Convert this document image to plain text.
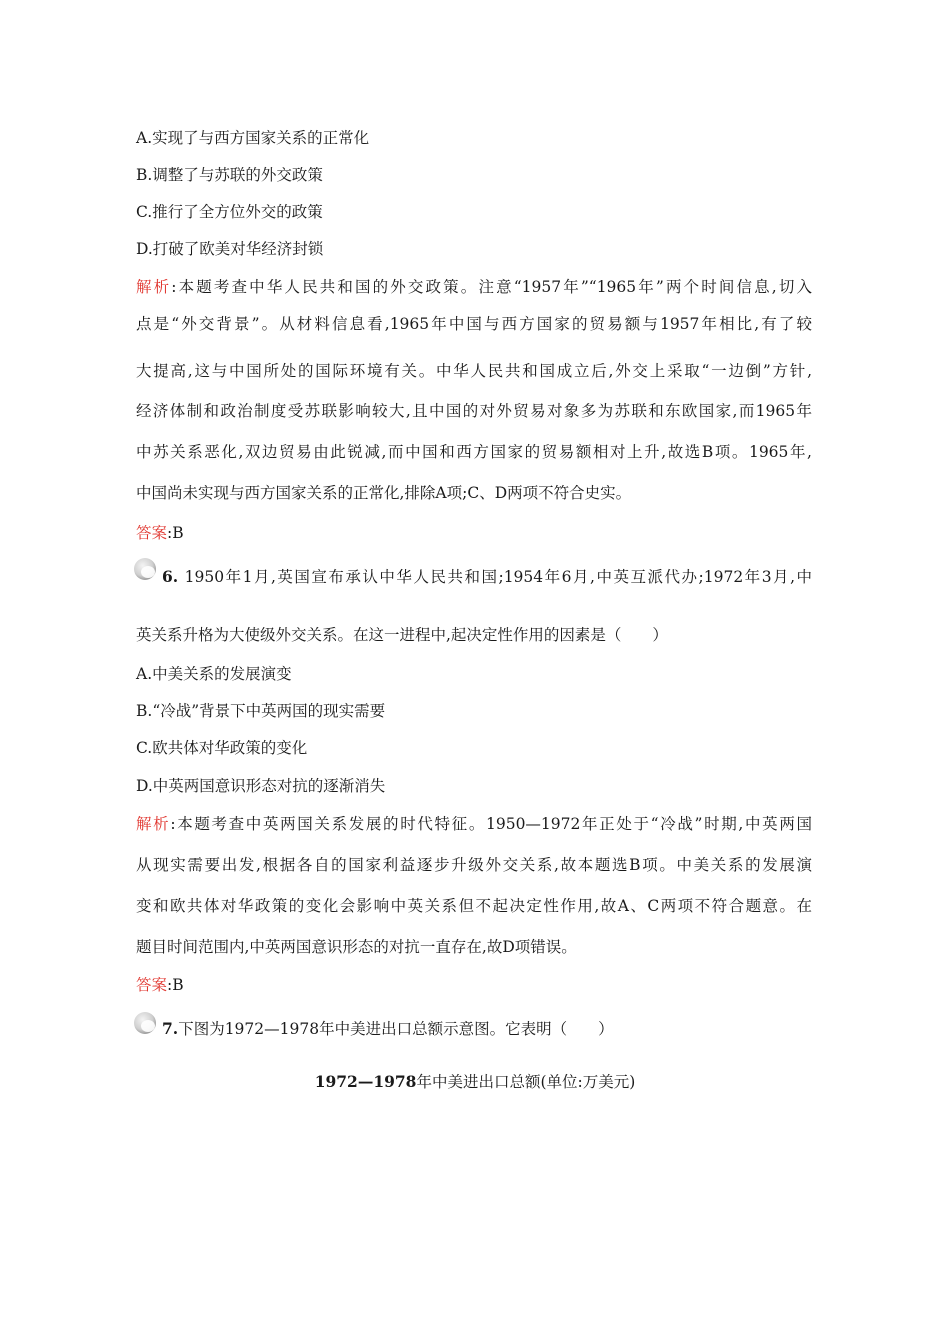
A.实现了与西方国家关系的正常化
B.调整了与苏联的外交政策
C.推行了全方位外交的政策
D.打破了欧美对华经济封锁
解析:本题考查中华人民共和国的外交政策。注意“1957年”“1965年”两个时间信息,切入
点是“外交背景”。从材料信息看,1965年中国与西方国家的贸易额与1957年相比,有了较
大提高,这与中国所处的国际环境有关。中华人民共和国成立后,外交上采取“一边倒”方针,
经济体制和政治制度受苏联影响较大,且中国的对外贸易对象多为苏联和东欧国家,而1965年
中苏关系恶化,双边贸易由此锐减,而中国和西方国家的贸易额相对上升,故选B项。1965年,
中国尚未实现与西方国家关系的正常化,排除A项;C、D两项不符合史实。
答案:B
6. 1950年1月,英国宣布承认中华人民共和国;1954年6月,中英互派代办;1972年3月,中
英关系升格为大使级外交关系。在这一进程中,起决定性作用的因素是（　　）
A.中美关系的发展演变
B.“冷战”背景下中英两国的现实需要
C.欧共体对华政策的变化
D.中英两国意识形态对抗的逐渐消失
解析:本题考查中英两国关系发展的时代特征。1950—1972年正处于“冷战”时期,中英两国
从现实需要出发,根据各自的国家利益逐步升级外交关系,故本题选B项。中美关系的发展演
变和欧共体对华政策的变化会影响中英关系但不起决定性作用,故A、C两项不符合题意。在
题目时间范围内,中英两国意识形态的对抗一直存在,故D项错误。
答案:B
7.下图为1972—1978年中美进出口总额示意图。它表明（　　）
1972—1978年中美进出口总额(单位:万美元)
